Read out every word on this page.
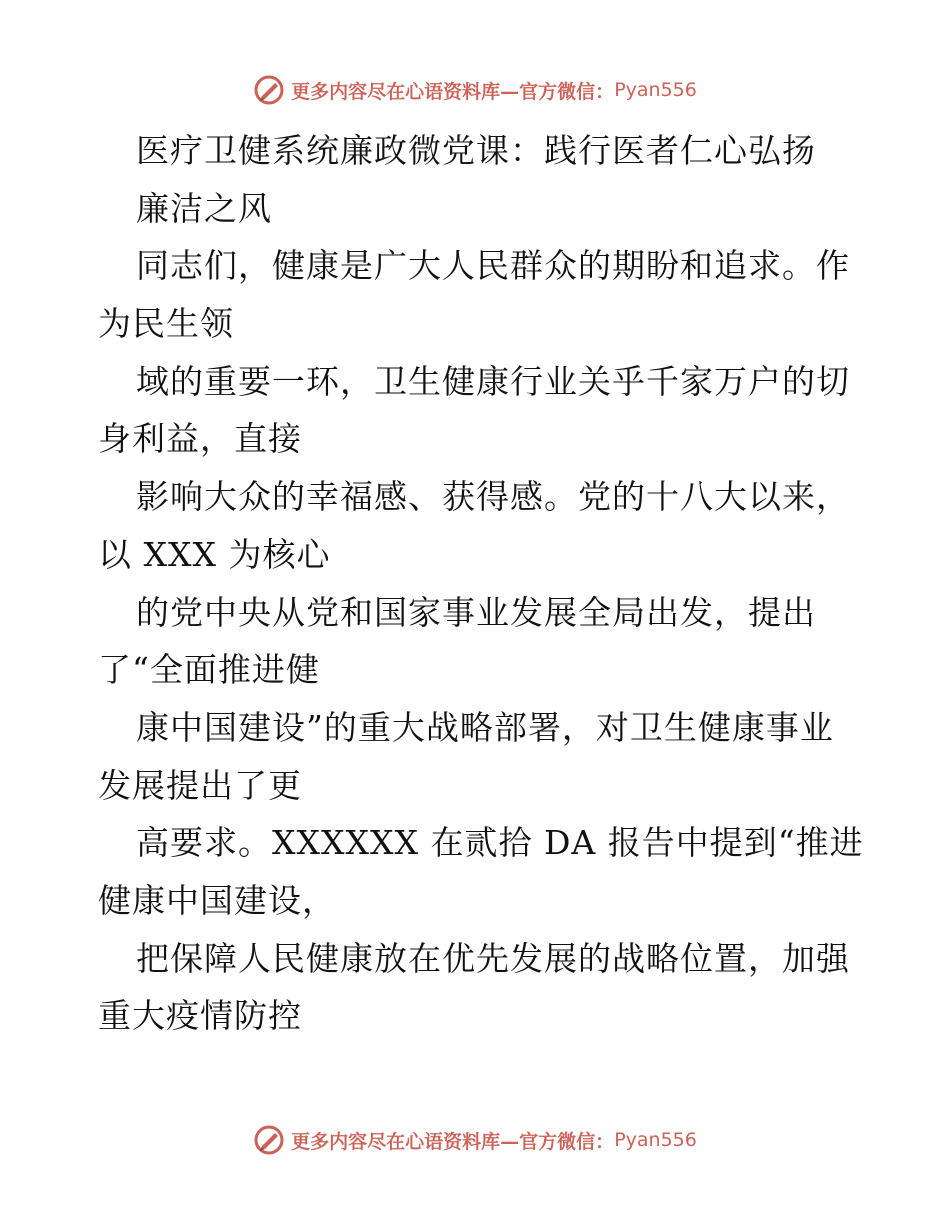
更多内容尽在心语资料库— 官方微信： Pyan556
医疗卫健系统廉政微党课：践行医者仁心弘扬
廉洁之风
同志们，健康是广大人民群众的期盼和追求。作
为民生领
域的重要一环，卫生健康行业关乎千家万户的切
身利益，直接
影响大众的幸福感、获得感。党的十八大以来，
以 XXX 为核心
的党中央从党和国家事业发展全局出发，提出
了“全面推进健
康中国建设”的重大战略部署，对卫生健康事业
发展提出了更
高要求。XXXXXX 在贰拾 DA 报告中提到“推进
健康中国建设，
把保障人民健康放在优先发展的战略位置，加强
重大疫情防控
更多内容尽在心语资料库— 官方微信： Pyan556
